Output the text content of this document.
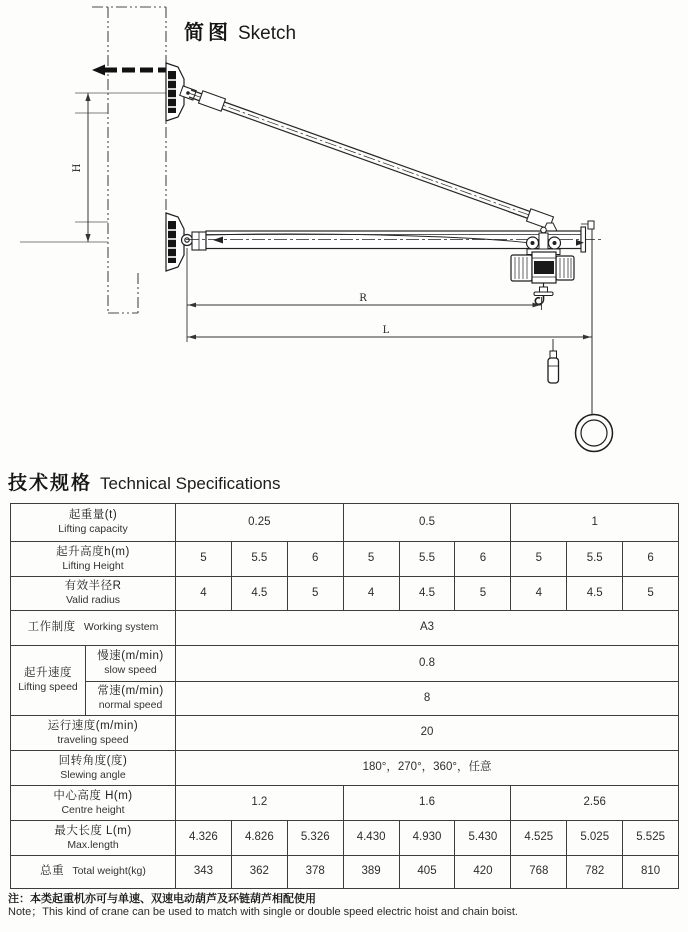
H
R
L
简图 Sketch
技术规格 Technical Specifications
起重量(t)
Lifting capacity		0.25			0.5			1		

起升高度h(m)
Lifting Height		5	5.5	6	5	5.5	6	5	5.5	6

有效半径R
Valid radius		4	4.5	5	4	4.5	5	4	4.5	5
工作制度 Working system		A3								

起升速度
Lifting speed	慢速(m/min)
slow speed	0.8								

	常速(m/min)
normal speed	8								

运行速度(m/min)
traveling speed		20								

回转角度(度)
Slewing angle		180°，270°，360°，任意								

中心高度 H(m)
Centre height		1.2			1.6			2.56		

最大长度 L(m)
Max.length		4.326	4.826	5.326	4.430	4.930	5.430	4.525	5.025	5.525
总重 Total weight(kg)		343	362	378	389	405	420	768	782	810
注：本类起重机亦可与单速、双速电动葫芦及环链葫芦相配使用
Note；This kind of crane can be used to match with single or double speed electric hoist and chain boist.
